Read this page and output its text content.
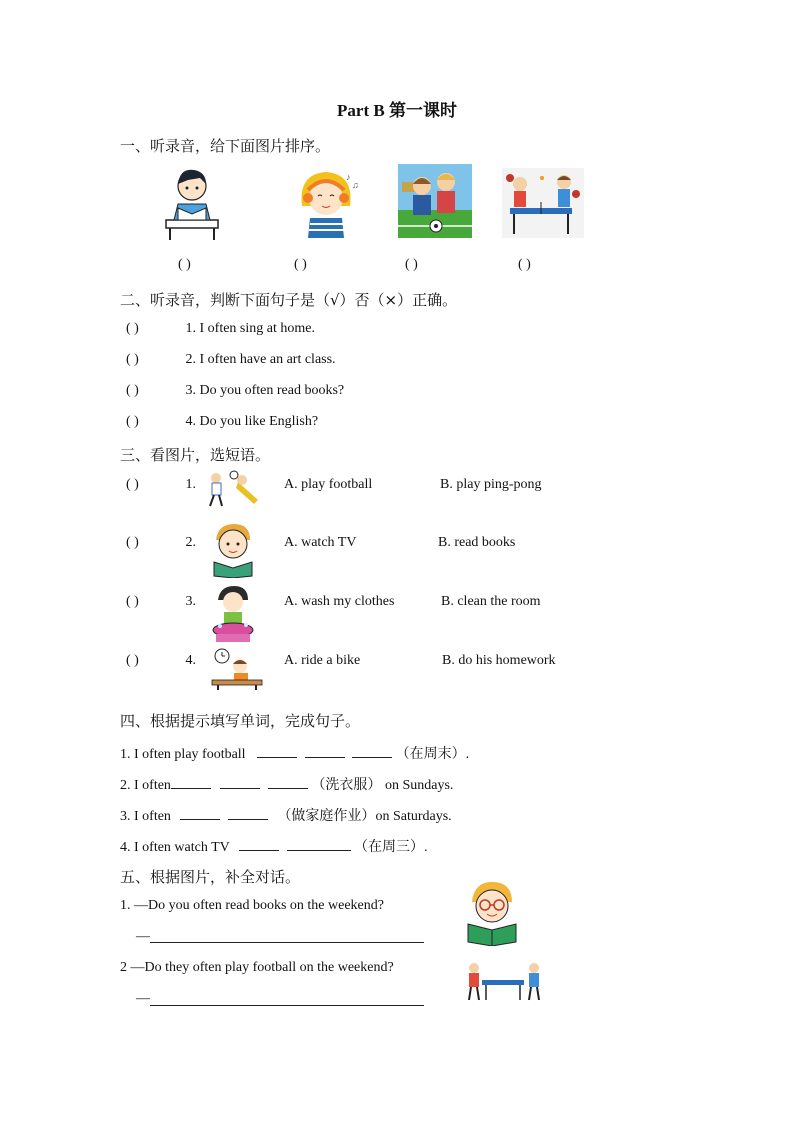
Part B 第一课时
一、听录音，给下面图片排序。
♪
♫
( )	( )	( )	( )
二、听录音，判断下面句子是（√）否（×）正确。
( )	1. I often sing at home.
( )	2. I often have an art class.
( )	3. Do you often read books?
( )	4. Do you like English?
三、看图片，选短语。
( )	1.	A. play football	B. play ping-pong
( )	2.	A. watch TV	B. read books
( )	3.	A. wash my clothes	B. clean the room
( )	4.	A. ride a bike	B. do his homework
四、根据提示填写单词，完成句子。
1. I often play football	（在周末）.
2. I often	（洗衣服） on Sundays.
3. I often	（做家庭作业）on Saturdays.
4. I often watch TV	（在周三）.
五、根据图片，补全对话。
1. —Do you often read books on the weekend?
—
2 —Do they often play football on the weekend?
—
